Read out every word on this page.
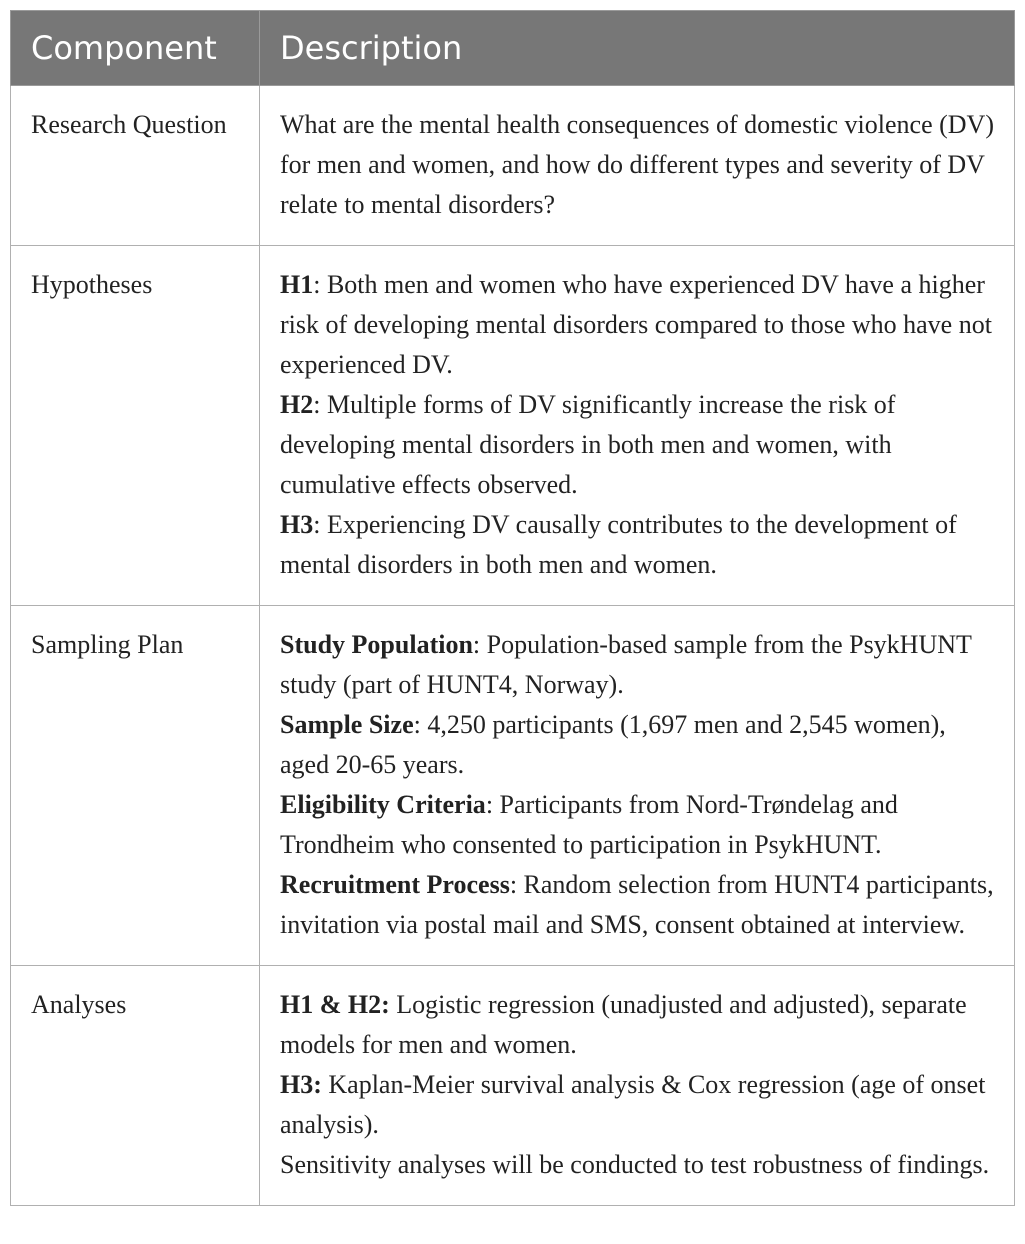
Component	Description
Research Question	What are the mental health consequences of domestic violence (DV) for men and women, and how do different types and severity of DV relate to mental disorders?

Hypotheses	H1: Both men and women who have experienced DV have a higher risk of developing mental disorders compared to those who have not experienced DV.
H2: Multiple forms of DV significantly increase the risk of developing mental disorders in both men and women, with cumulative effects observed.
H3: Experiencing DV causally contributes to the development of mental disorders in both men and women.

Sampling Plan	Study Population: Population-based sample from the PsykHUNT study (part of HUNT4, Norway).
Sample Size: 4,250 participants (1,697 men and 2,545 women), aged 20-65 years.
Eligibility Criteria: Participants from Nord-Trøndelag and Trondheim who consented to participation in PsykHUNT.
Recruitment Process: Random selection from HUNT4 participants, invitation via postal mail and SMS, consent obtained at interview.

Analyses	H1 & H2: Logistic regression (unadjusted and adjusted), separate models for men and women.
H3: Kaplan-Meier survival analysis & Cox regression (age of onset analysis).
Sensitivity analyses will be conducted to test robustness of findings.
